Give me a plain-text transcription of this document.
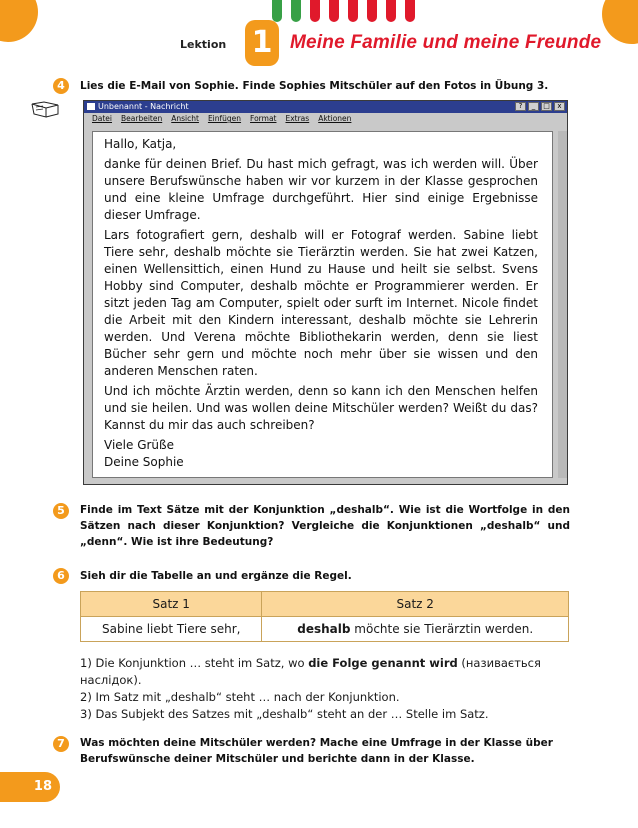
Lektion 1 Meine Familie und meine Freunde
4	Lies die E-Mail von Sophie. Finde Sophies Mitschüler auf den Fotos in Übung 3.
Unbenannt - Nachricht	?	_	□	x
Datei Bearbeiten Ansicht Einfügen Format Extras Aktionen

Hallo, Katja,

danke für deinen Brief. Du hast mich gefragt, was ich werden will. Über unsere Berufswünsche haben wir vor kurzem in der Klasse gesprochen und eine kleine Umfrage durchgeführt. Hier sind einige Ergebnisse dieser Umfrage.

Lars fotografiert gern, deshalb will er Fotograf werden. Sabine liebt Tiere sehr, deshalb möchte sie Tierärztin werden. Sie hat zwei Katzen, einen Wellensittich, einen Hund zu Hause und heilt sie selbst. Svens Hobby sind Computer, deshalb möchte er Programmierer werden. Er sitzt jeden Tag am Computer, spielt oder surft im Internet. Nicole findet die Arbeit mit den Kindern interessant, deshalb möchte sie Lehrerin werden. Und Verena möchte Bibliothekarin werden, denn sie liest Bücher sehr gern und möchte noch mehr über sie wissen und den anderen Menschen raten.

Und ich möchte Ärztin werden, denn so kann ich den Menschen helfen und sie heilen. Und was wollen deine Mitschüler werden? Weißt du das? Kannst du mir das auch schreiben?

Viele Grüße

Deine Sophie

5	Finde im Text Sätze mit der Konjunktion „deshalb“. Wie ist die Wortfolge in den Sätzen nach dieser Konjunktion? Vergleiche die Konjunktionen „deshalb“ und „denn“. Wie ist ihre Bedeutung?
6	Sieh dir die Tabelle an und ergänze die Regel.
Satz 1	Satz 2
Sabine liebt Tiere sehr,	deshalb möchte sie Tierärztin werden.

1) Die Konjunktion … steht im Satz, wo die Folge genannt wird (називається наслідок).

2) Im Satz mit „deshalb“ steht … nach der Konjunktion.

3) Das Subjekt des Satzes mit „deshalb“ steht an der … Stelle im Satz.

7	Was möchten deine Mitschüler werden? Mache eine Umfrage in der Klasse über Berufswünsche deiner Mitschüler und berichte dann in der Klasse.
18
